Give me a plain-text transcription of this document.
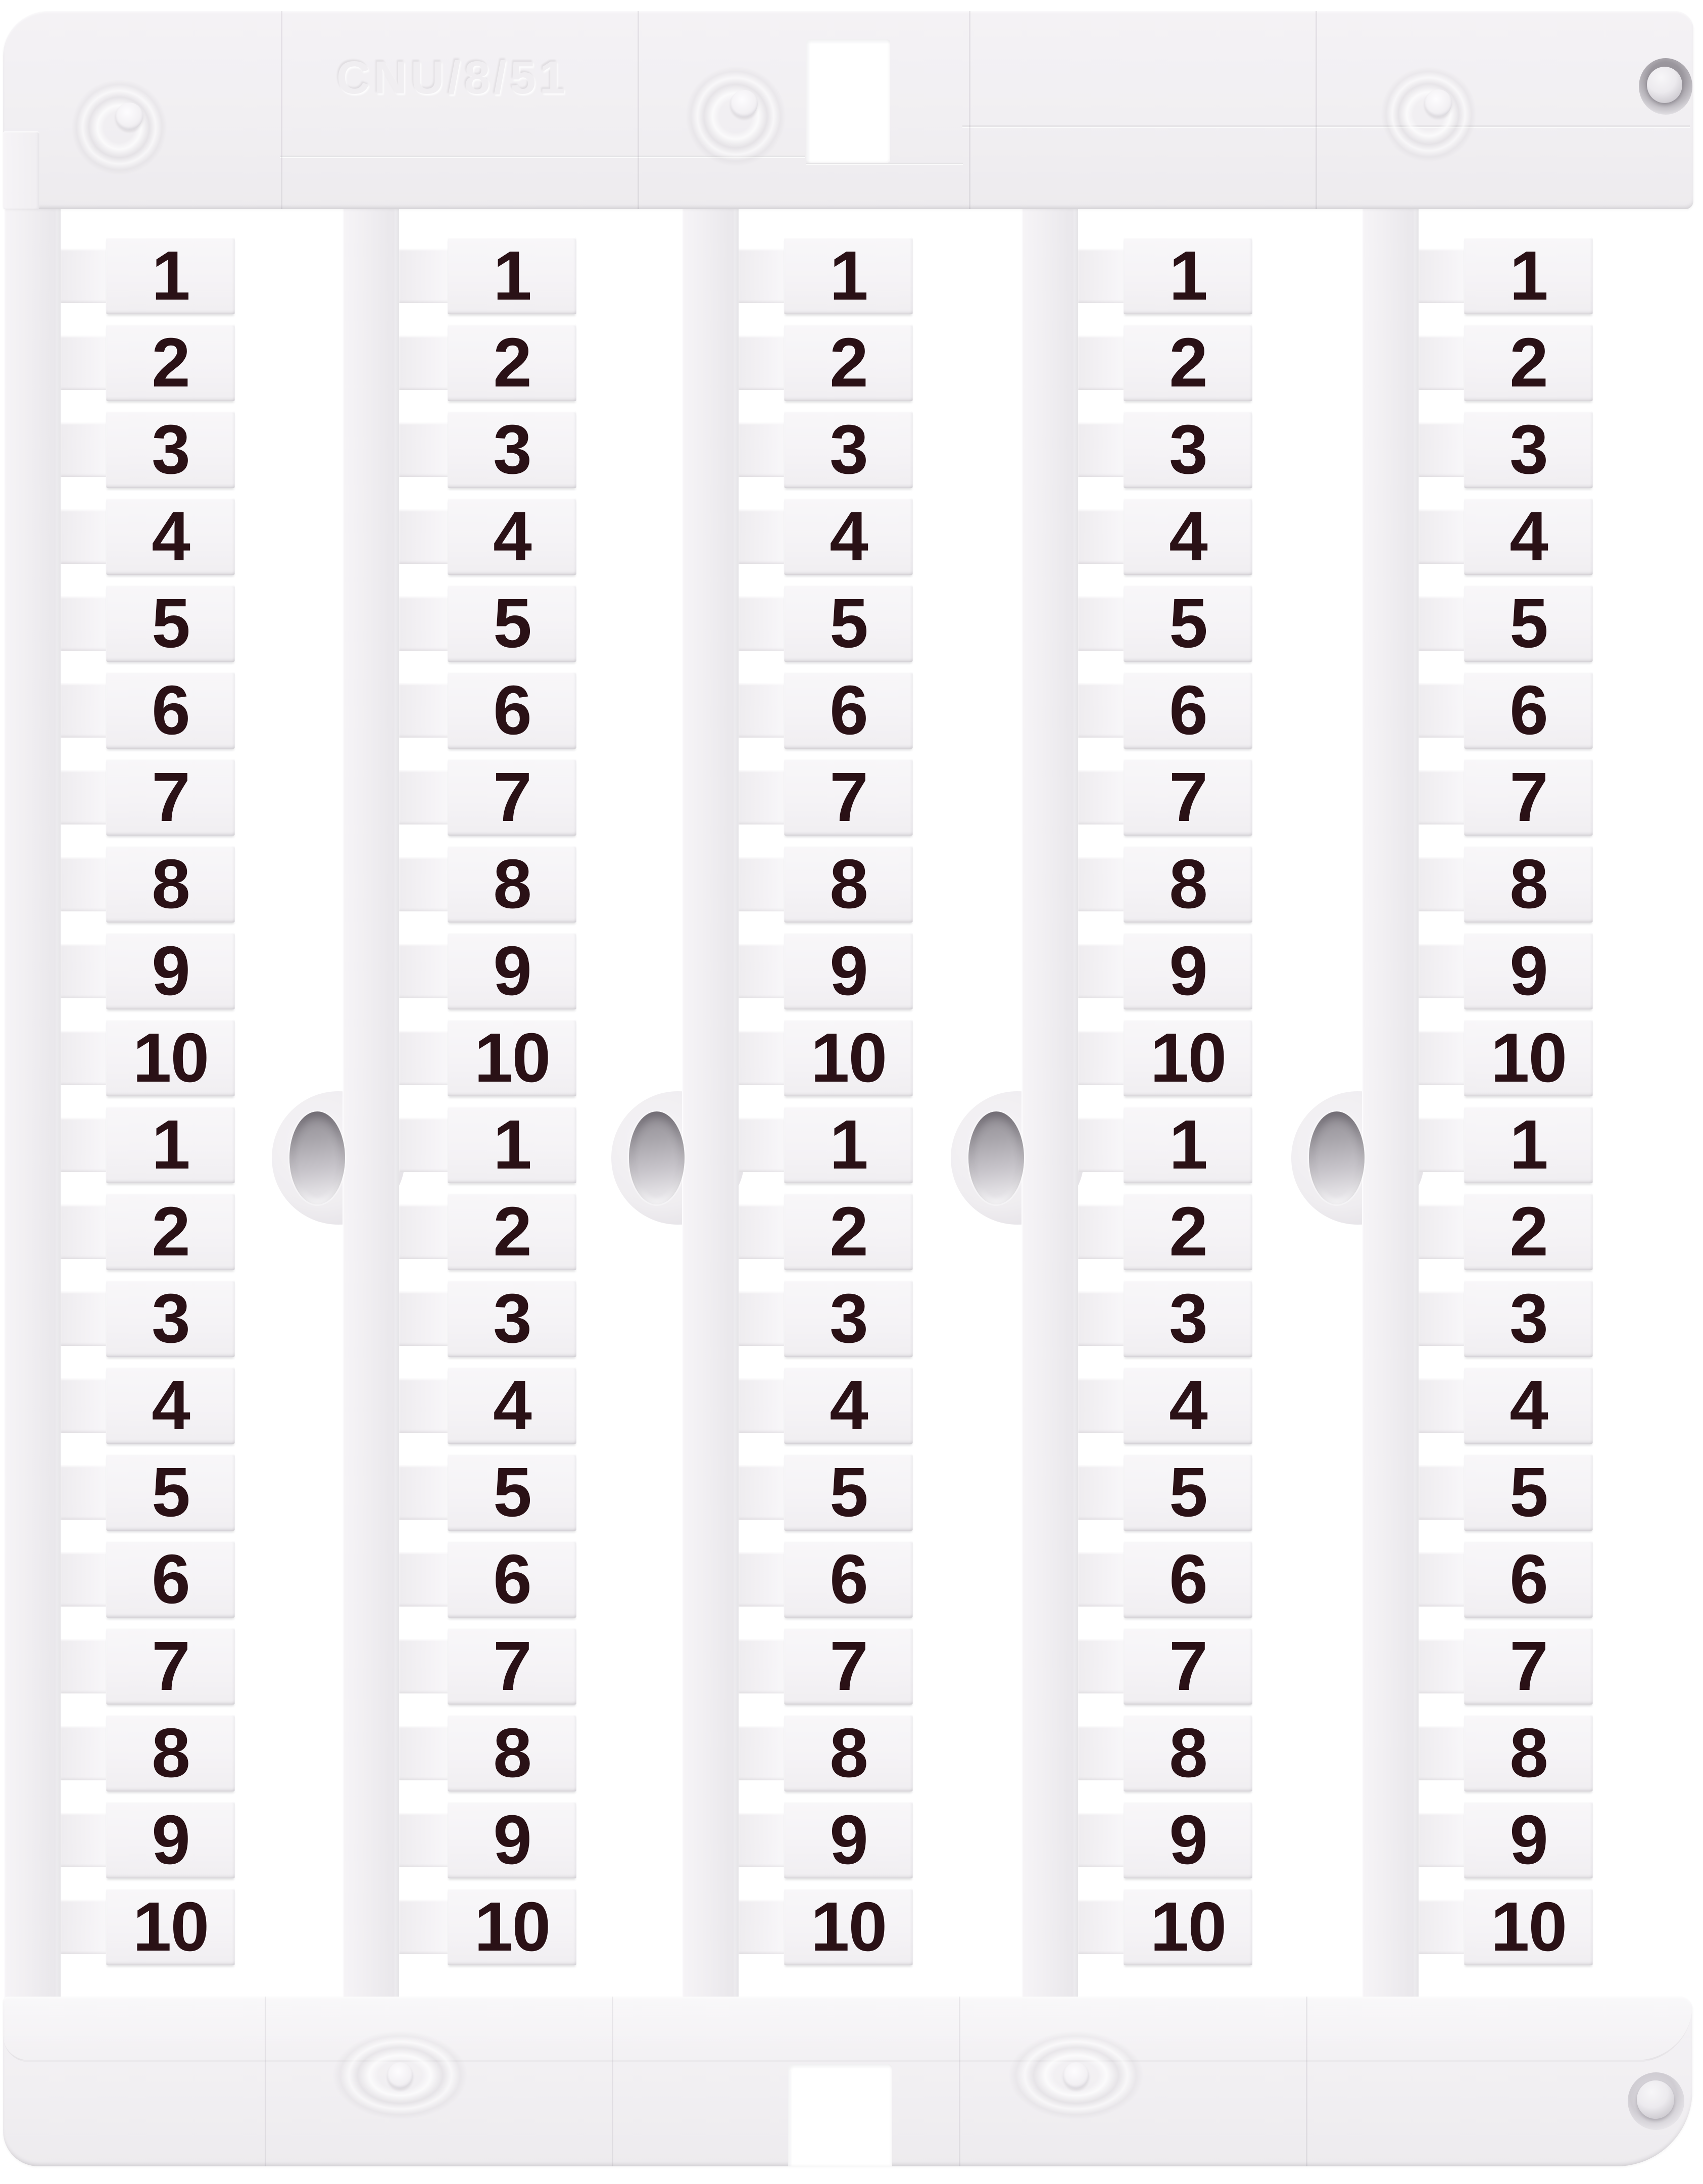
CNU/8/51
1
2
3
4
5
6
7
8
9
10
1
2
3
4
5
6
7
8
9
10
1
2
3
4
5
6
7
8
9
10
1
2
3
4
5
6
7
8
9
10
1
2
3
4
5
6
7
8
9
10
1
2
3
4
5
6
7
8
9
10
1
2
3
4
5
6
7
8
9
10
1
2
3
4
5
6
7
8
9
10
1
2
3
4
5
6
7
8
9
10
1
2
3
4
5
6
7
8
9
10
